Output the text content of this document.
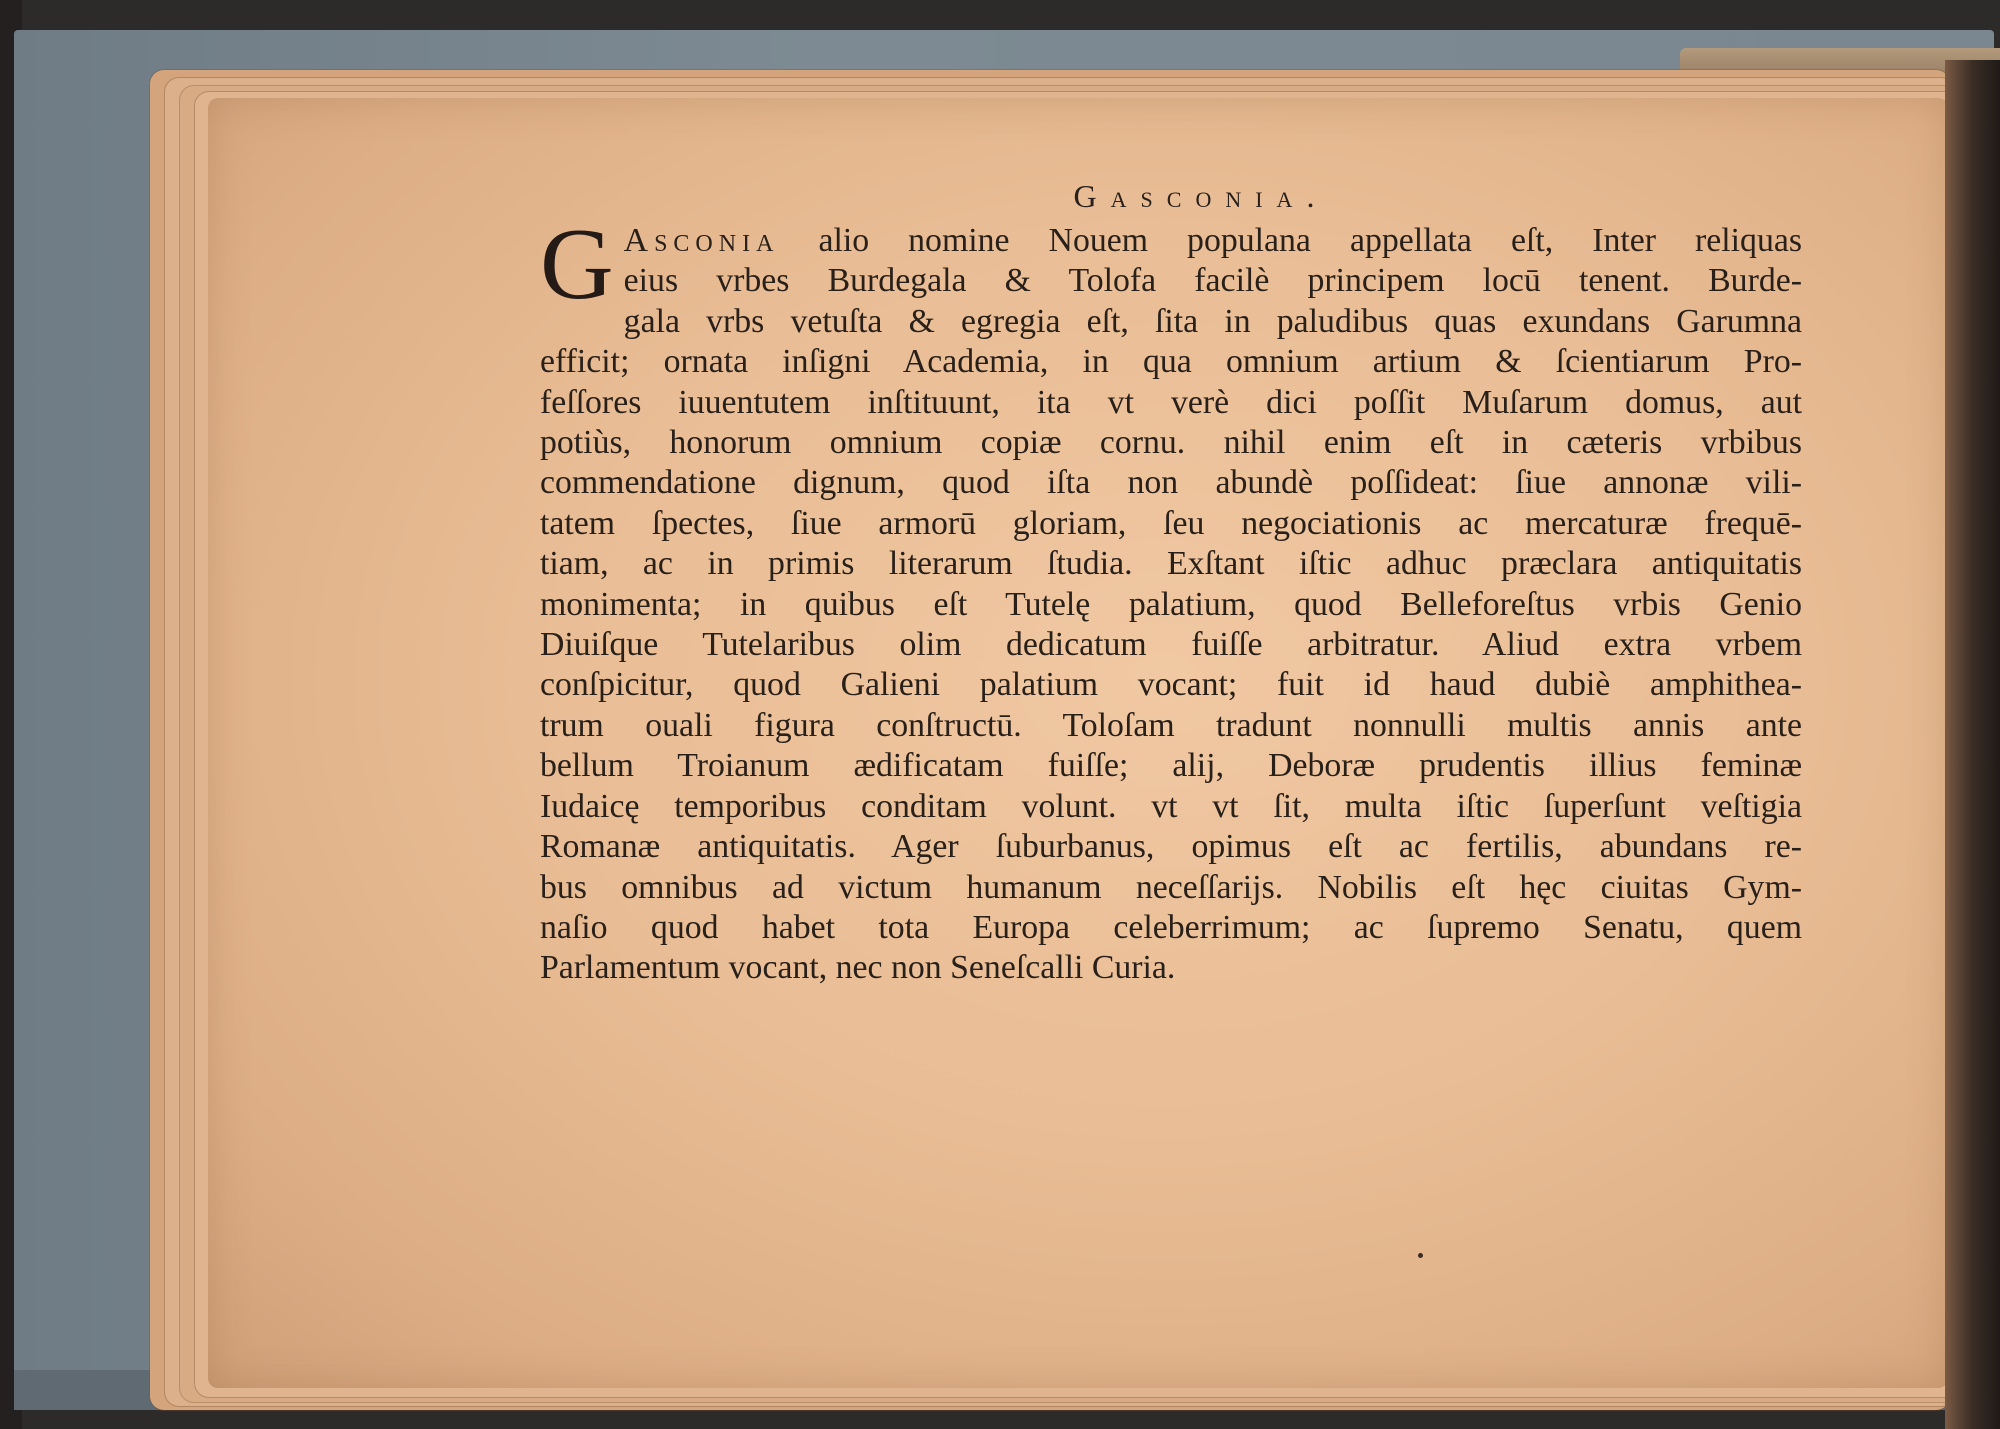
Gasconia.
G Asconia alio nomine Nouem populana appellata eſt, Inter reliquas
eius vrbes Burdegala & Tolofa facilè principem locū tenent. Burde-
gala vrbs vetuſta & egregia eſt, ſita in paludibus quas exundans Garumna
efficit; ornata inſigni Academia, in qua omnium artium & ſcientiarum Pro-
feſſores iuuentutem inſtituunt, ita vt verè dici poſſit Muſarum domus, aut
potiùs, honorum omnium copiæ cornu. nihil enim eſt in cæteris vrbibus
commendatione dignum, quod iſta non abundè poſſideat: ſiue annonæ vili-
tatem ſpectes, ſiue armorū gloriam, ſeu negociationis ac mercaturæ frequē-
tiam, ac in primis literarum ſtudia. Exſtant iſtic adhuc præclara antiquitatis
monimenta; in quibus eſt Tutelę palatium, quod Belleforeſtus vrbis Genio
Diuiſque Tutelaribus olim dedicatum fuiſſe arbitratur. Aliud extra vrbem
conſpicitur, quod Galieni palatium vocant; fuit id haud dubiè amphithea-
trum ouali figura conſtructū. Toloſam tradunt nonnulli multis annis ante
bellum Troianum ædificatam fuiſſe; alij, Deboræ prudentis illius feminæ
Iudaicę temporibus conditam volunt. vt vt ſit, multa iſtic ſuperſunt veſtigia
Romanæ antiquitatis. Ager ſuburbanus, opimus eſt ac fertilis, abundans re-
bus omnibus ad victum humanum neceſſarijs. Nobilis eſt hęc ciuitas Gym-
naſio quod habet tota Europa celeberrimum; ac ſupremo Senatu, quem
Parlamentum vocant, nec non Seneſcalli Curia.
